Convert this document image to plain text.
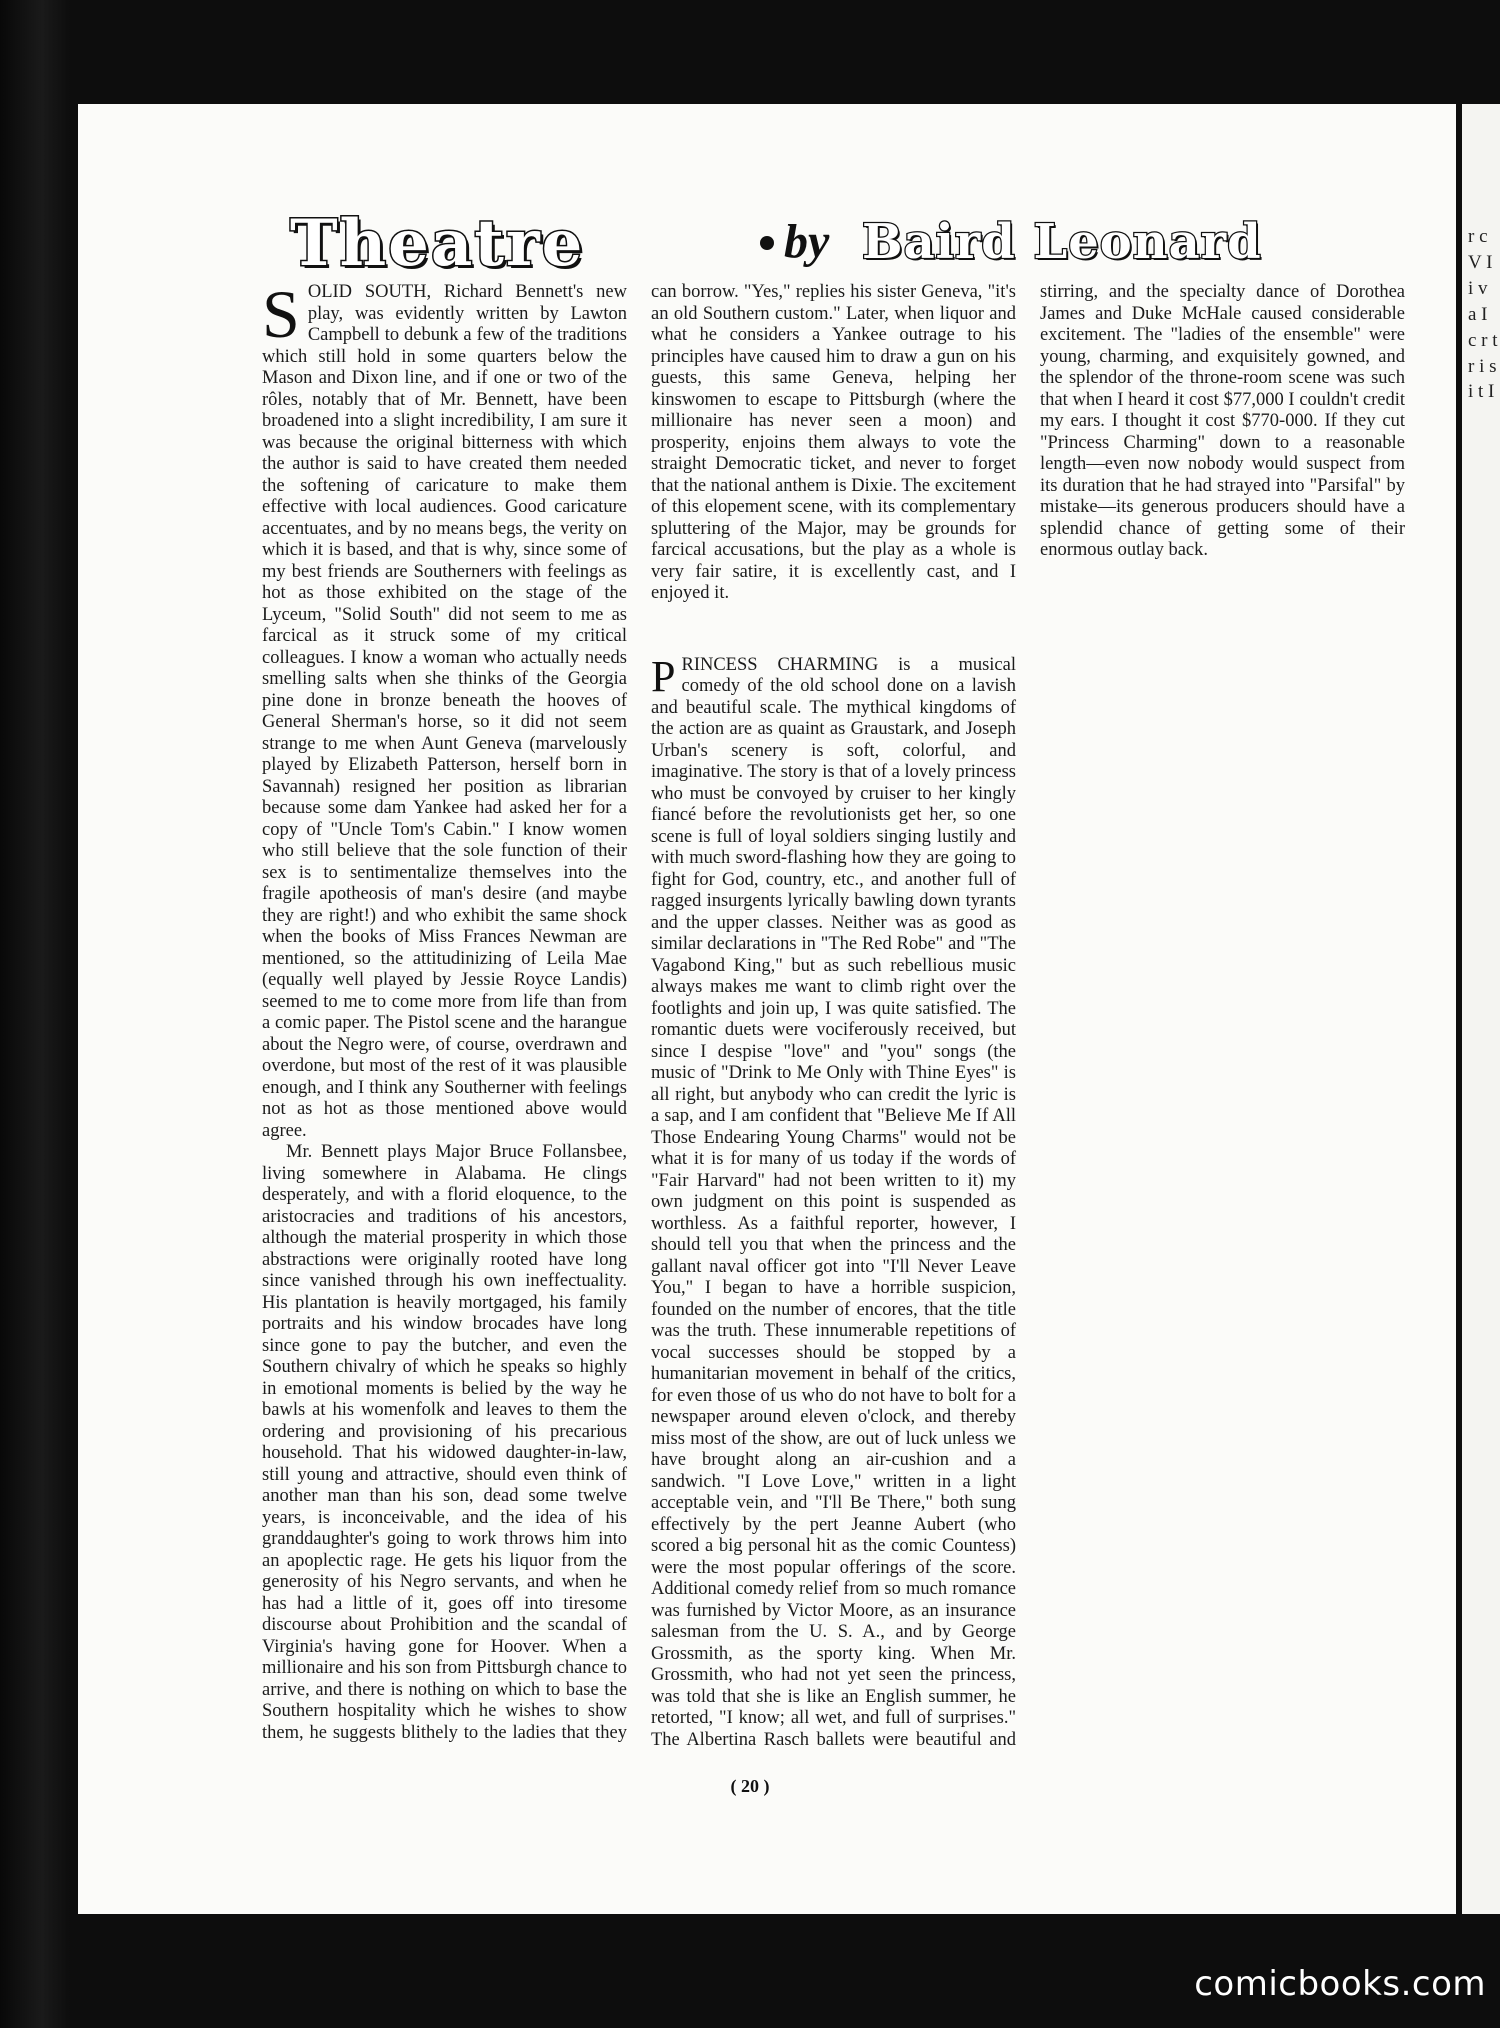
r c V I i v a I c r t r i s i t I
Theatre	by Baird Leonard

SOLID SOUTH, Richard Bennett's new play, was evidently written by Lawton Campbell to debunk a few of the traditions which still hold in some quarters below the Mason and Dixon line, and if one or two of the rôles, notably that of Mr. Bennett, have been broadened into a slight incredibility, I am sure it was because the original bitterness with which the author is said to have created them needed the softening of caricature to make them effective with local audiences. Good caricature accentuates, and by no means begs, the verity on which it is based, and that is why, since some of my best friends are Southerners with feelings as hot as those exhibited on the stage of the Lyceum, "Solid South" did not seem to me as farcical as it struck some of my critical colleagues. I know a woman who actually needs smelling salts when she thinks of the Georgia pine done in bronze beneath the hooves of General Sherman's horse, so it did not seem strange to me when Aunt Geneva (marvelously played by Elizabeth Patterson, herself born in Savannah) resigned her position as librarian because some dam Yankee had asked her for a copy of "Uncle Tom's Cabin." I know women who still believe that the sole function of their sex is to sentimentalize themselves into the fragile apotheosis of man's desire (and maybe they are right!) and who exhibit the same shock when the books of Miss Frances Newman are mentioned, so the attitudinizing of Leila Mae (equally well played by Jessie Royce Landis) seemed to me to come more from life than from a comic paper. The Pistol scene and the harangue about the Negro were, of course, overdrawn and overdone, but most of the rest of it was plausible enough, and I think any Southerner with feelings not as hot as those mentioned above would agree.

Mr. Bennett plays Major Bruce Follansbee, living somewhere in Alabama. He clings desperately, and with a florid eloquence, to the aristocracies and traditions of his ancestors, although the material prosperity in which those abstractions were originally rooted have long since vanished through his own ineffectuality. His plantation is heavily mortgaged, his family portraits and his window brocades have long since gone to pay the butcher, and even the Southern chivalry of which he speaks so highly in emotional moments is belied by the way he bawls at his womenfolk and leaves to them the ordering and provisioning of his precarious household. That his widowed daughter-in-law, still young and attractive, should even think of another man than his son, dead some twelve years, is inconceivable, and the idea of his granddaughter's going to work throws him into an apoplectic rage. He gets his liquor from the generosity of his Negro servants, and when he has had a little of it, goes off into tiresome discourse about Prohibition and the scandal of Virginia's having gone for Hoover. When a millionaire and his son from Pittsburgh chance to arrive, and there is nothing on which to base the Southern hospitality which he wishes to show them, he suggests blithely to the ladies that they can borrow. "Yes," replies his sister Geneva, "it's an old Southern custom." Later, when liquor and what he considers a Yankee outrage to his principles have caused him to draw a gun on his guests, this same Geneva, helping her kinswomen to escape to Pittsburgh (where the millionaire has never seen a moon) and prosperity, enjoins them always to vote the straight Democratic ticket, and never to forget that the national anthem is Dixie. The excitement of this elopement scene, with its complementary spluttering of the Major, may be grounds for farcical accusations, but the play as a whole is very fair satire, it is excellently cast, and I enjoyed it.

PRINCESS CHARMING is a musical comedy of the old school done on a lavish and beautiful scale. The mythical kingdoms of the action are as quaint as Graustark, and Joseph Urban's scenery is soft, colorful, and imaginative. The story is that of a lovely princess who must be convoyed by cruiser to her kingly fiancé before the revolutionists get her, so one scene is full of loyal soldiers singing lustily and with much sword-flashing how they are going to fight for God, country, etc., and another full of ragged insurgents lyrically bawling down tyrants and the upper classes. Neither was as good as similar declarations in "The Red Robe" and "The Vagabond King," but as such rebellious music always makes me want to climb right over the footlights and join up, I was quite satisfied. The romantic duets were vociferously received, but since I despise "love" and "you" songs (the music of "Drink to Me Only with Thine Eyes" is all right, but anybody who can credit the lyric is a sap, and I am confident that "Believe Me If All Those Endearing Young Charms" would not be what it is for many of us today if the words of "Fair Harvard" had not been written to it) my own judgment on this point is suspended as worthless. As a faithful reporter, however, I should tell you that when the princess and the gallant naval officer got into "I'll Never Leave You," I began to have a horrible suspicion, founded on the number of encores, that the title was the truth. These innumerable repetitions of vocal successes should be stopped by a humanitarian movement in behalf of the critics, for even those of us who do not have to bolt for a newspaper around eleven o'clock, and thereby miss most of the show, are out of luck unless we have brought along an air-cushion and a sandwich. "I Love Love," written in a light acceptable vein, and "I'll Be There," both sung effectively by the pert Jeanne Aubert (who scored a big personal hit as the comic Countess) were the most popular offerings of the score. Additional comedy relief from so much romance was furnished by Victor Moore, as an insurance salesman from the U. S. A., and by George Grossmith, as the sporty king. When Mr. Grossmith, who had not yet seen the princess, was told that she is like an English summer, he retorted, "I know; all wet, and full of surprises." The Albertina Rasch ballets were beautiful and stirring, and the specialty dance of Dorothea James and Duke McHale caused considerable excitement. The "ladies of the ensemble" were young, charming, and exquisitely gowned, and the splendor of the throne-room scene was such that when I heard it cost $77,000 I couldn't credit my ears. I thought it cost $770-000. If they cut "Princess Charming" down to a reasonable length—even now nobody would suspect from its duration that he had strayed into "Parsifal" by mistake—its generous producers should have a splendid chance of getting some of their enormous outlay back.

( 20 )
comicbooks.com
